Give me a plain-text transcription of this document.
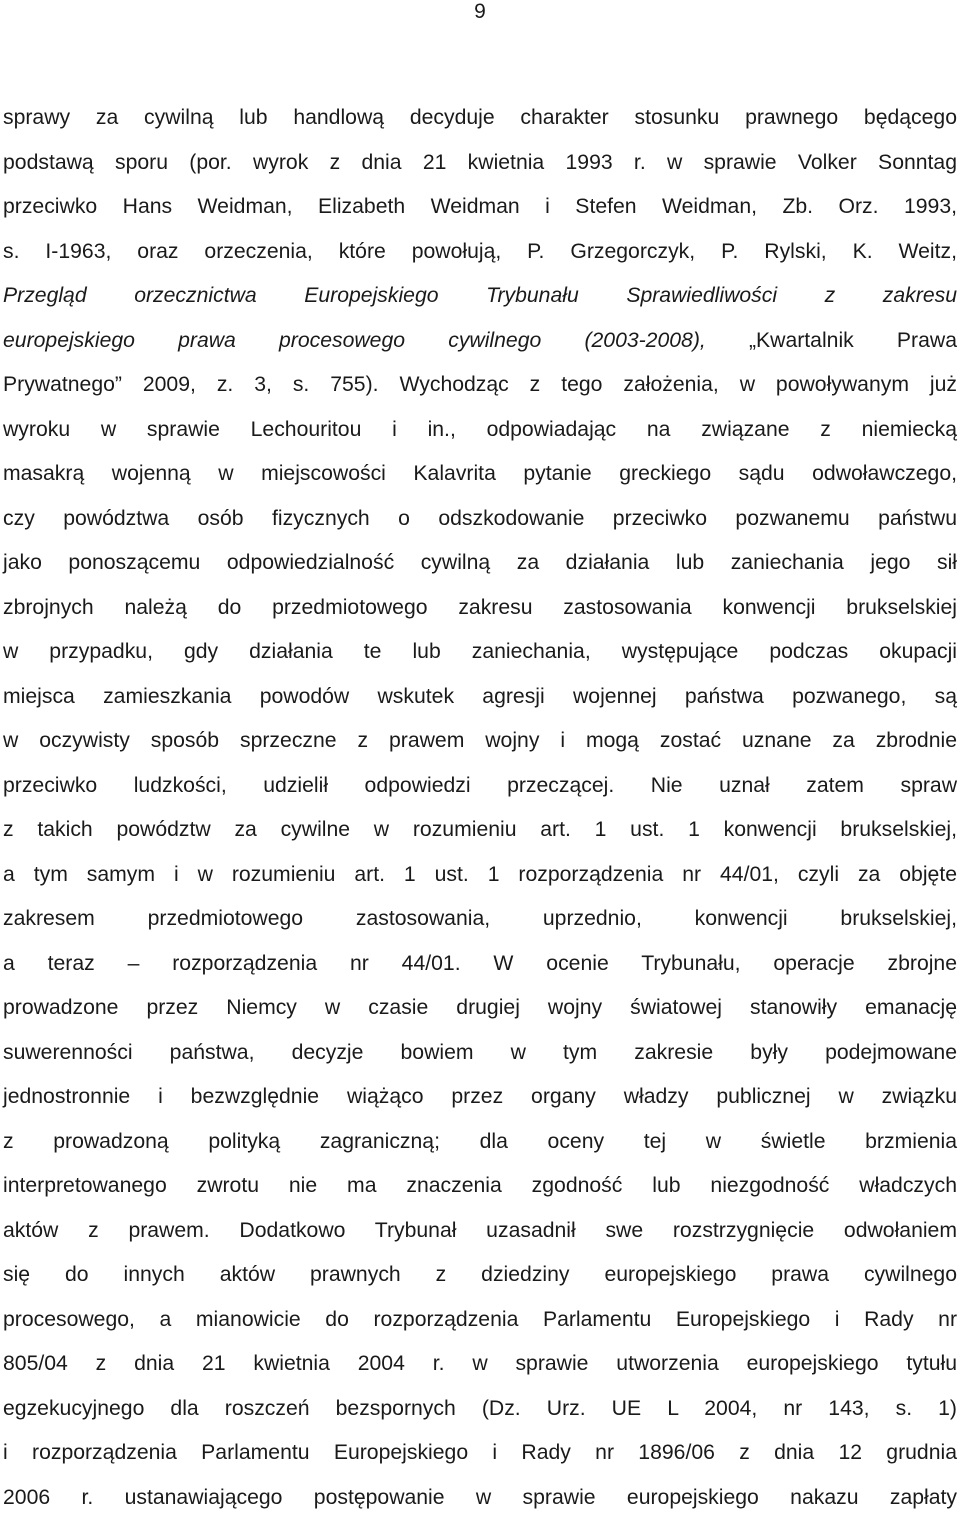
9
sprawy za cywilną lub handlową decyduje charakter stosunku prawnego będącego
podstawą sporu (por. wyrok z dnia 21 kwietnia 1993 r. w sprawie Volker Sonntag
przeciwko Hans Weidman, Elizabeth Weidman i Stefen Weidman, Zb. Orz. 1993,
s. I-1963, oraz orzeczenia, które powołują, P. Grzegorczyk, P. Rylski, K. Weitz,
Przegląd orzecznictwa Europejskiego Trybunału Sprawiedliwości z zakresu
europejskiego prawa procesowego cywilnego (2003-2008), „Kwartalnik Prawa
Prywatnego” 2009, z. 3, s. 755). Wychodząc z tego założenia, w powoływanym już
wyroku w sprawie Lechouritou i in., odpowiadając na związane z niemiecką
masakrą wojenną w miejscowości Kalavrita pytanie greckiego sądu odwoławczego,
czy powództwa osób fizycznych o odszkodowanie przeciwko pozwanemu państwu
jako ponoszącemu odpowiedzialność cywilną za działania lub zaniechania jego sił
zbrojnych należą do przedmiotowego zakresu zastosowania konwencji brukselskiej
w przypadku, gdy działania te lub zaniechania, występujące podczas okupacji
miejsca zamieszkania powodów wskutek agresji wojennej państwa pozwanego, są
w oczywisty sposób sprzeczne z prawem wojny i mogą zostać uznane za zbrodnie
przeciwko ludzkości, udzielił odpowiedzi przeczącej. Nie uznał zatem spraw
z takich powództw za cywilne w rozumieniu art. 1 ust. 1 konwencji brukselskiej,
a tym samym i w rozumieniu art. 1 ust. 1 rozporządzenia nr 44/01, czyli za objęte
zakresem przedmiotowego zastosowania, uprzednio, konwencji brukselskiej,
a teraz – rozporządzenia nr 44/01. W ocenie Trybunału, operacje zbrojne
prowadzone przez Niemcy w czasie drugiej wojny światowej stanowiły emanację
suwerenności państwa, decyzje bowiem w tym zakresie były podejmowane
jednostronnie i bezwzględnie wiążąco przez organy władzy publicznej w związku
z prowadzoną polityką zagraniczną; dla oceny tej w świetle brzmienia
interpretowanego zwrotu nie ma znaczenia zgodność lub niezgodność władczych
aktów z prawem. Dodatkowo Trybunał uzasadnił swe rozstrzygnięcie odwołaniem
się do innych aktów prawnych z dziedziny europejskiego prawa cywilnego
procesowego, a mianowicie do rozporządzenia Parlamentu Europejskiego i Rady nr
805/04 z dnia 21 kwietnia 2004 r. w sprawie utworzenia europejskiego tytułu
egzekucyjnego dla roszczeń bezspornych (Dz. Urz. UE L 2004, nr 143, s. 1)
i rozporządzenia Parlamentu Europejskiego i Rady nr 1896/06 z dnia 12 grudnia
2006 r. ustanawiającego postępowanie w sprawie europejskiego nakazu zapłaty
